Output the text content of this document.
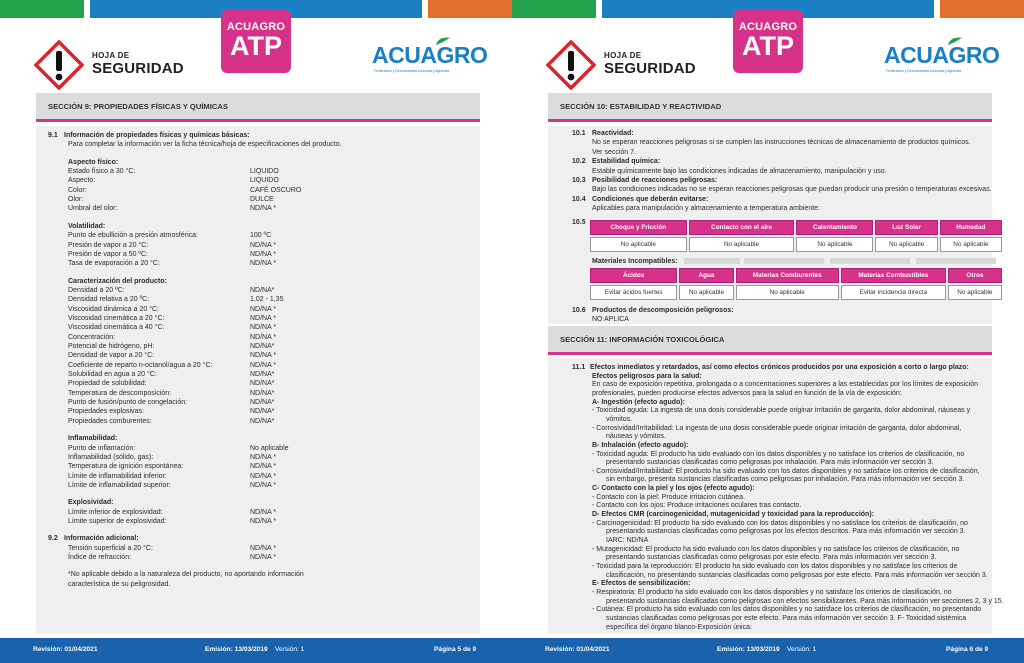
HOJA DE
SEGURIDAD
ACUAGRO
ATP	ACUAGRO
Fertilizantes y Desinfectantes Acuícolas y Agrícolas
SECCIÓN 9: PROPIEDADES FÍSICAS Y QUÍMICAS
9.1 Información de propiedades físicas y químicas básicas:
Para completar la información ver la ficha técnica/hoja de especificaciones del producto.
Aspecto físico:
Estado físico a 30 °C:	LIQUIDO
Aspecto:	LIQUIDO
Color:	CAFÉ OSCURO
Olor:	DULCE
Umbral del olor:	ND/NA *
Volatilidad:
Punto de ebullición a presión atmosférica:	100 ºC
Presión de vapor a 20 °C:	ND/NA *
Presión de vapor a 50 ºC:	ND/NA *
Tasa de evaporación a 20 °C:	ND/NA *
Caracterización del producto:
Densidad a 20 ºC:	ND/NA*
Densidad relativa a 20 ºC:	1,02 - 1,35
Viscosidad dinámica a 20 °C:	ND/NA *
Viscosidad cinemática a 20 °C:	ND/NA *
Viscosidad cinemática a 40 °C:	ND/NA *
Concentración:	ND/NA *
Potencial de hidrógeno, pH:	ND/NA*
Densidad de vapor a 20 °C:	ND/NA *
Coeficiente de reparto n-octanol/agua a 20 °C:	ND/NA *
Solubilidad en agua a 20 °C:	ND/NA*
Propiedad de solubilidad:	ND/NA*
Temperatura de descomposición:	ND/NA*
Punto de fusión/punto de congelación:	ND/NA*
Propiedades explosivas:	ND/NA*
Propiedades comburentes:	ND/NA*
Inflamabilidad:
Punto de inflamación:	No aplicable
Inflamabilidad (sólido, gas):	ND/NA *
Temperatura de ignición espontánea:	ND/NA *
Límite de inflamabilidad inferior:	ND/NA *
Límite de inflamabilidad superior:	ND/NA *
Explosividad:
Límite inferior de explosividad:	ND/NA *
Límite superior de explosividad:	ND/NA *
9.2 Información adicional:
Tensión superficial a 20 °C:	ND/NA *
Índice de refracción:	ND/NA *
*No aplicable debido a la naturaleza del producto, no aportando información
característica de su peligrosidad.
Revisión: 01/04/2021	Emisión: 13/03/2019 Versión: 1	Página 5 de 9
HOJA DE
SEGURIDAD
ACUAGRO
ATP	ACUAGRO
Fertilizantes y Desinfectantes Acuícolas y Agrícolas
SECCIÓN 10: ESTABILIDAD Y REACTIVIDAD
10.1 Reactividad:
No se esperan reacciones peligrosas si se cumplen las instrucciones técnicas de almacenamiento de productos químicos.
Ver sección 7.
10.2 Estabilidad química:
Estable químicamente bajo las condiciones indicadas de almacenamiento, manipulación y uso.
10.3 Posibilidad de reacciones peligrosas:
Bajo las condiciones indicadas no se esperan reacciones peligrosas que puedan producir una presión o temperaturas excesivas.
10.4 Condiciones que deberán evitarse:
Aplicables para manipulación y almacenamiento a temperatura ambiente:
10.5
Choque y Fricción	Contacto con el aire	Calentamiento	Luz Solar	Humedad
No aplicable	No aplicable	No aplicable	No aplicable	No aplicable
Materiales Incompatibles:
Ácidos	Agua	Materias Comburentes	Materias Combustibles	Otros
Evitar ácidos fuertes	No aplicable	No aplicable	Evitar incidencia directa	No aplicable
10.6 Productos de descomposición peligrosos:
NO APLICA
SECCIÓN 11: INFORMACIÓN TOXICOLÓGICA
11.1 Efectos inmediatos y retardados, así como efectos crónicos producidos por una exposición a corto o largo plazo:
Efectos peligrosos para la salud:
En caso de exposición repetitiva, prolongada o a concentraciones superiores a las establecidas por los límites de exposición
profesionales, pueden producirse efectos adversos para la salud en función de la vía de exposición:
A- Ingestión (efecto agudo):
- Toxicidad aguda: La ingesta de una dosis considerable puede originar irritación de garganta, dolor abdominal, náuseas y
vómitos.
- Corrosividad/Irritabilidad: La ingesta de una dosis considerable puede originar irritación de garganta, dolor abdominal,
náuseas y vómitos.
B- Inhalación (efecto agudo):
- Toxicidad aguda: El producto ha sido evaluado con los datos disponibles y no satisface los criterios de clasificación, no
presentando sustancias clasificadas como peligrosas por inhalación. Para más información ver sección 3.
- Corrosividad/Irritabilidad: El producto ha sido evaluado con los datos disponibles y no satisface los criterios de clasificación,
sin embargo, presenta sustancias clasificadas como peligrosas por inhalación. Para más información ver sección 3.
C- Contacto con la piel y los ojos (efecto agudo):
- Contacto con la piel: Produce irritacion cutánea.
- Contacto con los ojos: Produce irritaciones oculares tras contacto.
D- Efectos CMR (carcinogenicidad, mutagenicidad y toxicidad para la reproducción):
- Carcinogenicidad: El producto ha sido evaluado con los datos disponibles y no satisface los criterios de clasificación, no
presentando sustancias clasificadas como peligrosas por los efectos descritos. Para más información ver sección 3.
IARC: ND/NA
- Mutagenicidad: El producto ha sido evaluado con los datos disponibles y no satisface los criterios de clasificación, no
presentando sustancias clasificadas como peligrosas por este efecto. Para más información ver sección 3.
- Toxicidad para la reproducción: El producto ha sido evaluado con los datos disponibles y no satisface los criterios de
clasificación, no presentando sustancias clasificadas como peligrosas por este efecto. Para más información ver sección 3.
E- Efectos de sensibilización:
- Respiratoria: El producto ha sido evaluado con los datos disponibles y no satisface los criterios de clasificación, no
presentando sustancias clasificadas como peligrosas con efectos sensibilizantes. Para más información ver secciones 2, 3 y 15.
- Cutánea: El producto ha sido evaluado con los datos disponibles y no satisface los criterios de clasificación, no presentando
sustancias clasificadas como peligrosas por este efecto. Para más información ver sección 3. F- Toxicidad sistémica
específica del órgano blanco-Exposición única:
Revisión: 01/04/2021	Emisión: 13/03/2019 Versión: 1	Página 6 de 9
